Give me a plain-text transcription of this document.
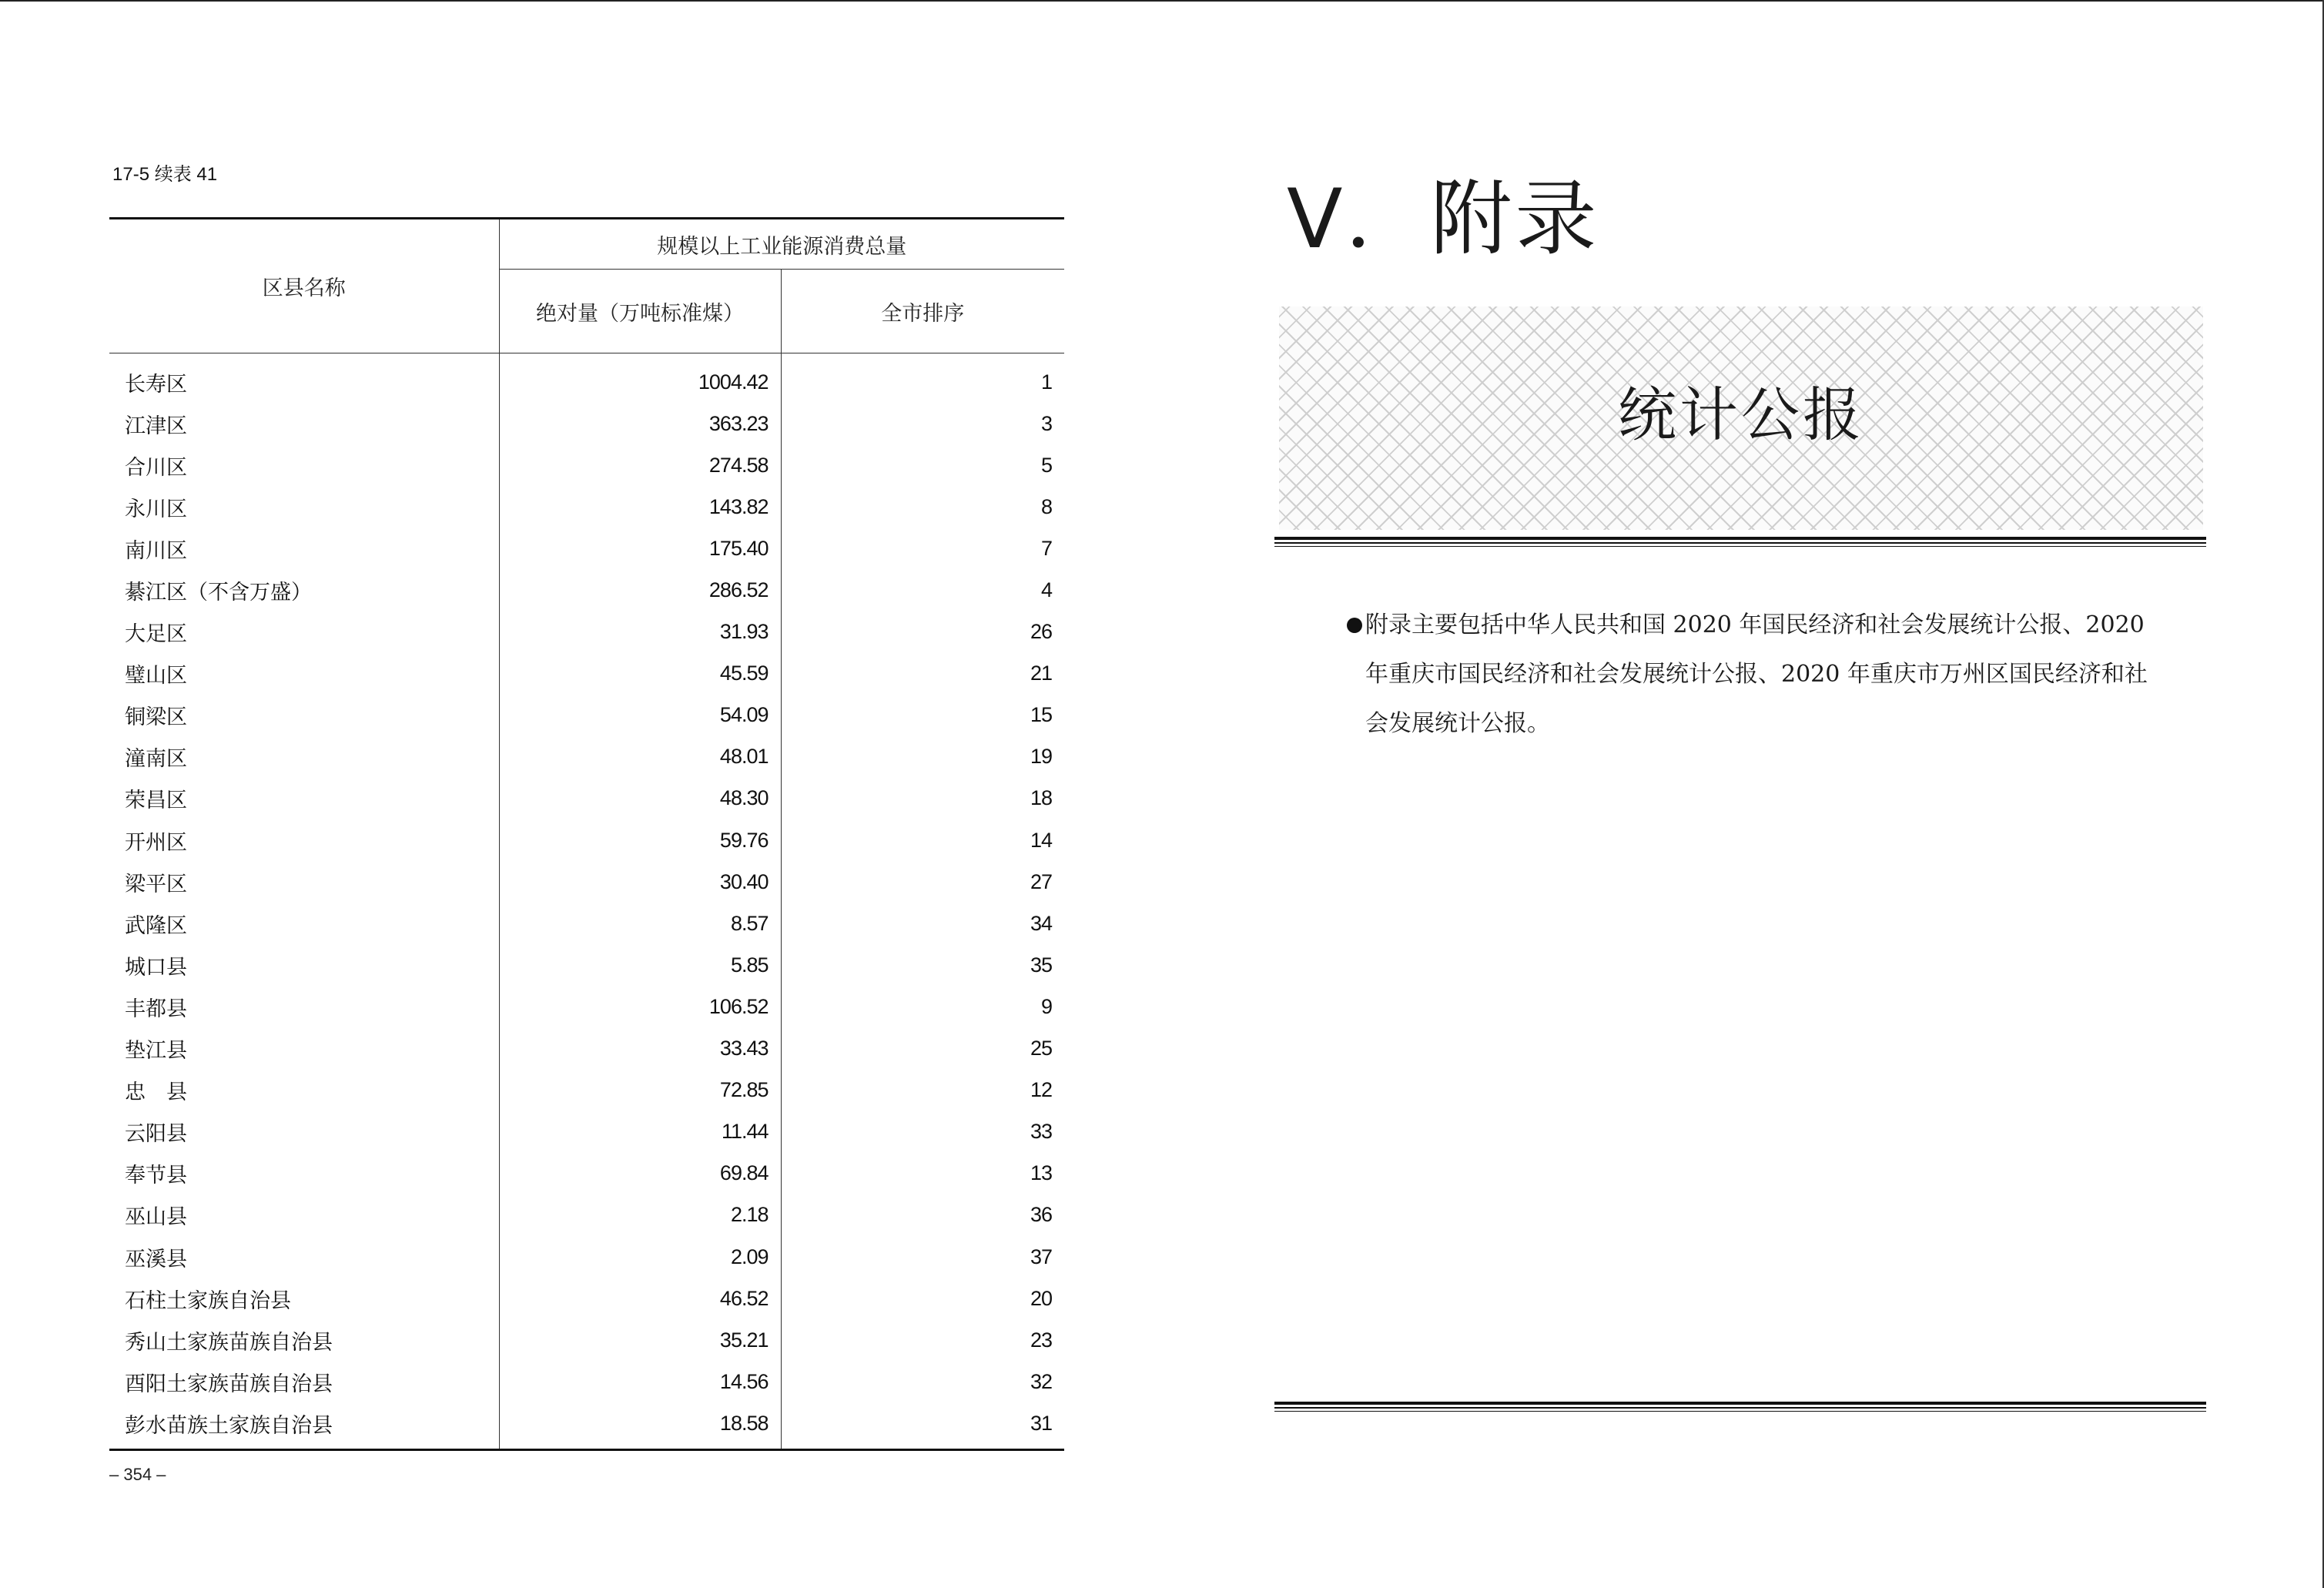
17-5 续表 41
区县名称	规模以上工业能源消费总量	
	绝对量（万吨标准煤）	全市排序
长寿区	1004.42	1
江津区	363.23	3
合川区	274.58	5
永川区	143.82	8
南川区	175.40	7
綦江区（不含万盛）	286.52	4
大足区	31.93	26
璧山区	45.59	21
铜梁区	54.09	15
潼南区	48.01	19
荣昌区	48.30	18
开州区	59.76	14
梁平区	30.40	27
武隆区	8.57	34
城口县	5.85	35
丰都县	106.52	9
垫江县	33.43	25
忠　县	72.85	12
云阳县	11.44	33
奉节县	69.84	13
巫山县	2.18	36
巫溪县	2.09	37
石柱土家族自治县	46.52	20
秀山土家族苗族自治县	35.21	23
酉阳土家族苗族自治县	14.56	32
彭水苗族土家族自治县	18.58	31
– 354 –
Ⅴ．附录
统计公报
附录主要包括中华人民共和国 2020 年国民经济和社会发展统计公报、2020 年重庆市国民经济和社会发展统计公报、2020 年重庆市万州区国民经济和社会发展统计公报。
